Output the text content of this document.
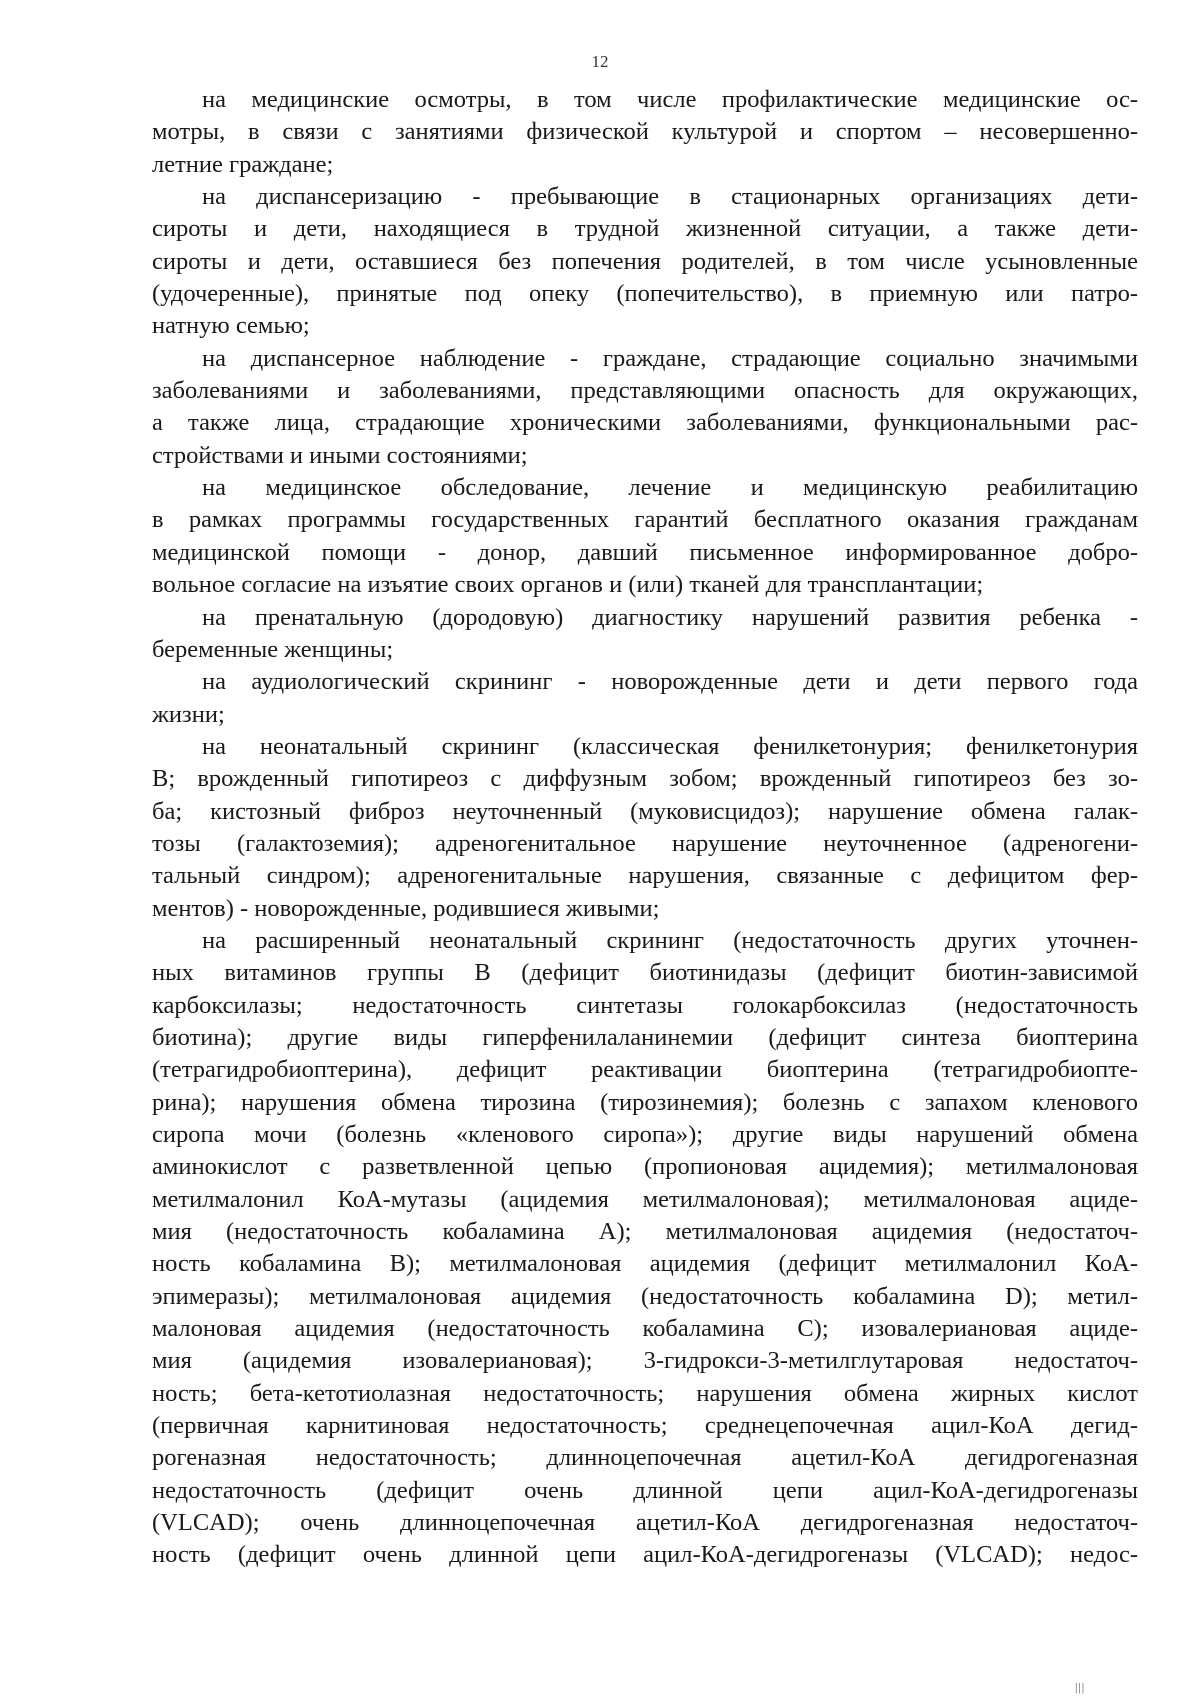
12
на медицинские осмотры, в том числе профилактические медицинские ос-
мотры, в связи с занятиями физической культурой и спортом – несовершенно-
летние граждане;
на диспансеризацию - пребывающие в стационарных организациях дети-
сироты и дети, находящиеся в трудной жизненной ситуации, а также дети-
сироты и дети, оставшиеся без попечения родителей, в том числе усыновленные
(удочеренные), принятые под опеку (попечительство), в приемную или патро-
натную семью;
на диспансерное наблюдение - граждане, страдающие социально значимыми
заболеваниями и заболеваниями, представляющими опасность для окружающих,
а также лица, страдающие хроническими заболеваниями, функциональными рас-
стройствами и иными состояниями;
на медицинское обследование, лечение и медицинскую реабилитацию
в рамках программы государственных гарантий бесплатного оказания гражданам
медицинской помощи - донор, давший письменное информированное добро-
вольное согласие на изъятие своих органов и (или) тканей для трансплантации;
на пренатальную (дородовую) диагностику нарушений развития ребенка -
беременные женщины;
на аудиологический скрининг - новорожденные дети и дети первого года
жизни;
на неонатальный скрининг (классическая фенилкетонурия; фенилкетонурия
B; врожденный гипотиреоз с диффузным зобом; врожденный гипотиреоз без зо-
ба; кистозный фиброз неуточненный (муковисцидоз); нарушение обмена галак-
тозы (галактоземия); адреногенитальное нарушение неуточненное (адреногени-
тальный синдром); адреногенитальные нарушения, связанные с дефицитом фер-
ментов) - новорожденные, родившиеся живыми;
на расширенный неонатальный скрининг (недостаточность других уточнен-
ных витаминов группы B (дефицит биотинидазы (дефицит биотин-зависимой
карбоксилазы; недостаточность синтетазы голокарбоксилаз (недостаточность
биотина); другие виды гиперфенилаланинемии (дефицит синтеза биоптерина
(тетрагидробиоптерина), дефицит реактивации биоптерина (тетрагидробиопте-
рина); нарушения обмена тирозина (тирозинемия); болезнь с запахом кленового
сиропа мочи (болезнь «кленового сиропа»); другие виды нарушений обмена
аминокислот с разветвленной цепью (пропионовая ацидемия); метилмалоновая
метилмалонил КоА-мутазы (ацидемия метилмалоновая); метилмалоновая ациде-
мия (недостаточность кобаламина A); метилмалоновая ацидемия (недостаточ-
ность кобаламина B); метилмалоновая ацидемия (дефицит метилмалонил КоА-
эпимеразы); метилмалоновая ацидемия (недостаточность кобаламина D); метил-
малоновая ацидемия (недостаточность кобаламина C); изовалериановая ациде-
мия (ацидемия изовалериановая); 3-гидрокси-3-метилглутаровая недостаточ-
ность; бета-кетотиолазная недостаточность; нарушения обмена жирных кислот
(первичная карнитиновая недостаточность; среднецепочечная ацил-КоА дегид-
рогеназная недостаточность; длинноцепочечная ацетил-КоА дегидрогеназная
недостаточность (дефицит очень длинной цепи ацил-КоА-дегидрогеназы
(VLCAD); очень длинноцепочечная ацетил-КоА дегидрогеназная недостаточ-
ность (дефицит очень длинной цепи ацил-КоА-дегидрогеназы (VLCAD); недос-
|||
